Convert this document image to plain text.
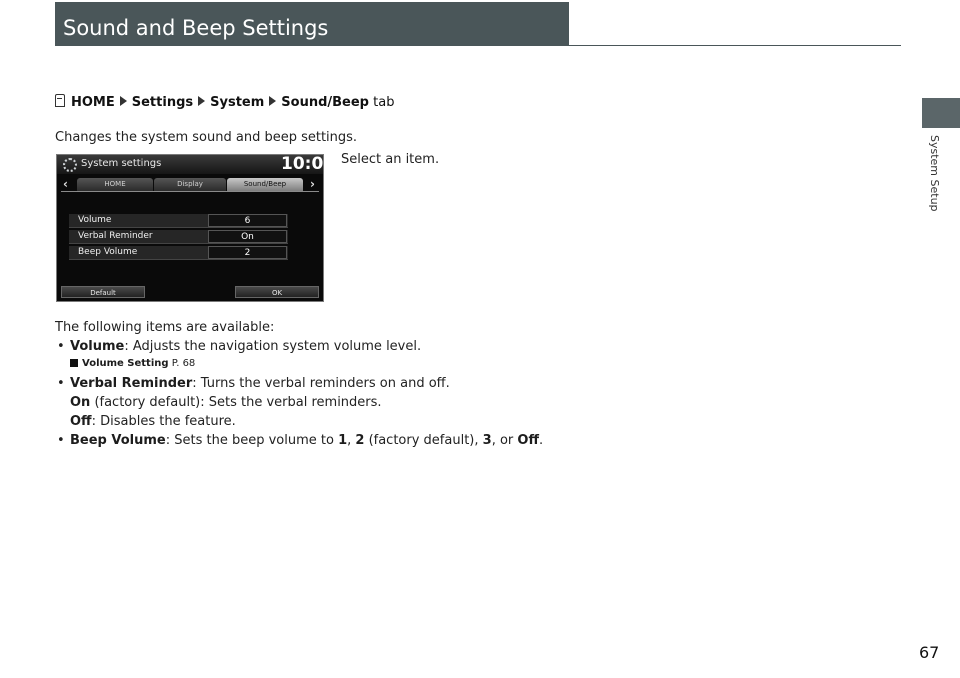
Sound and Beep Settings
System Setup
HOME Settings System Sound/Beep tab
Changes the system sound and beep settings.
Select an item.
System settings	10:00
‹	›
HOME	Display	Sound/Beep
Volume	6
Verbal Reminder	On
Beep Volume	2
Default	OK
The following items are available:
• Volume: Adjusts the navigation system volume level.
Volume Setting P. 68
• Verbal Reminder: Turns the verbal reminders on and off.
On (factory default): Sets the verbal reminders.
Off: Disables the feature.
• Beep Volume: Sets the beep volume to 1, 2 (factory default), 3, or Off.
67
